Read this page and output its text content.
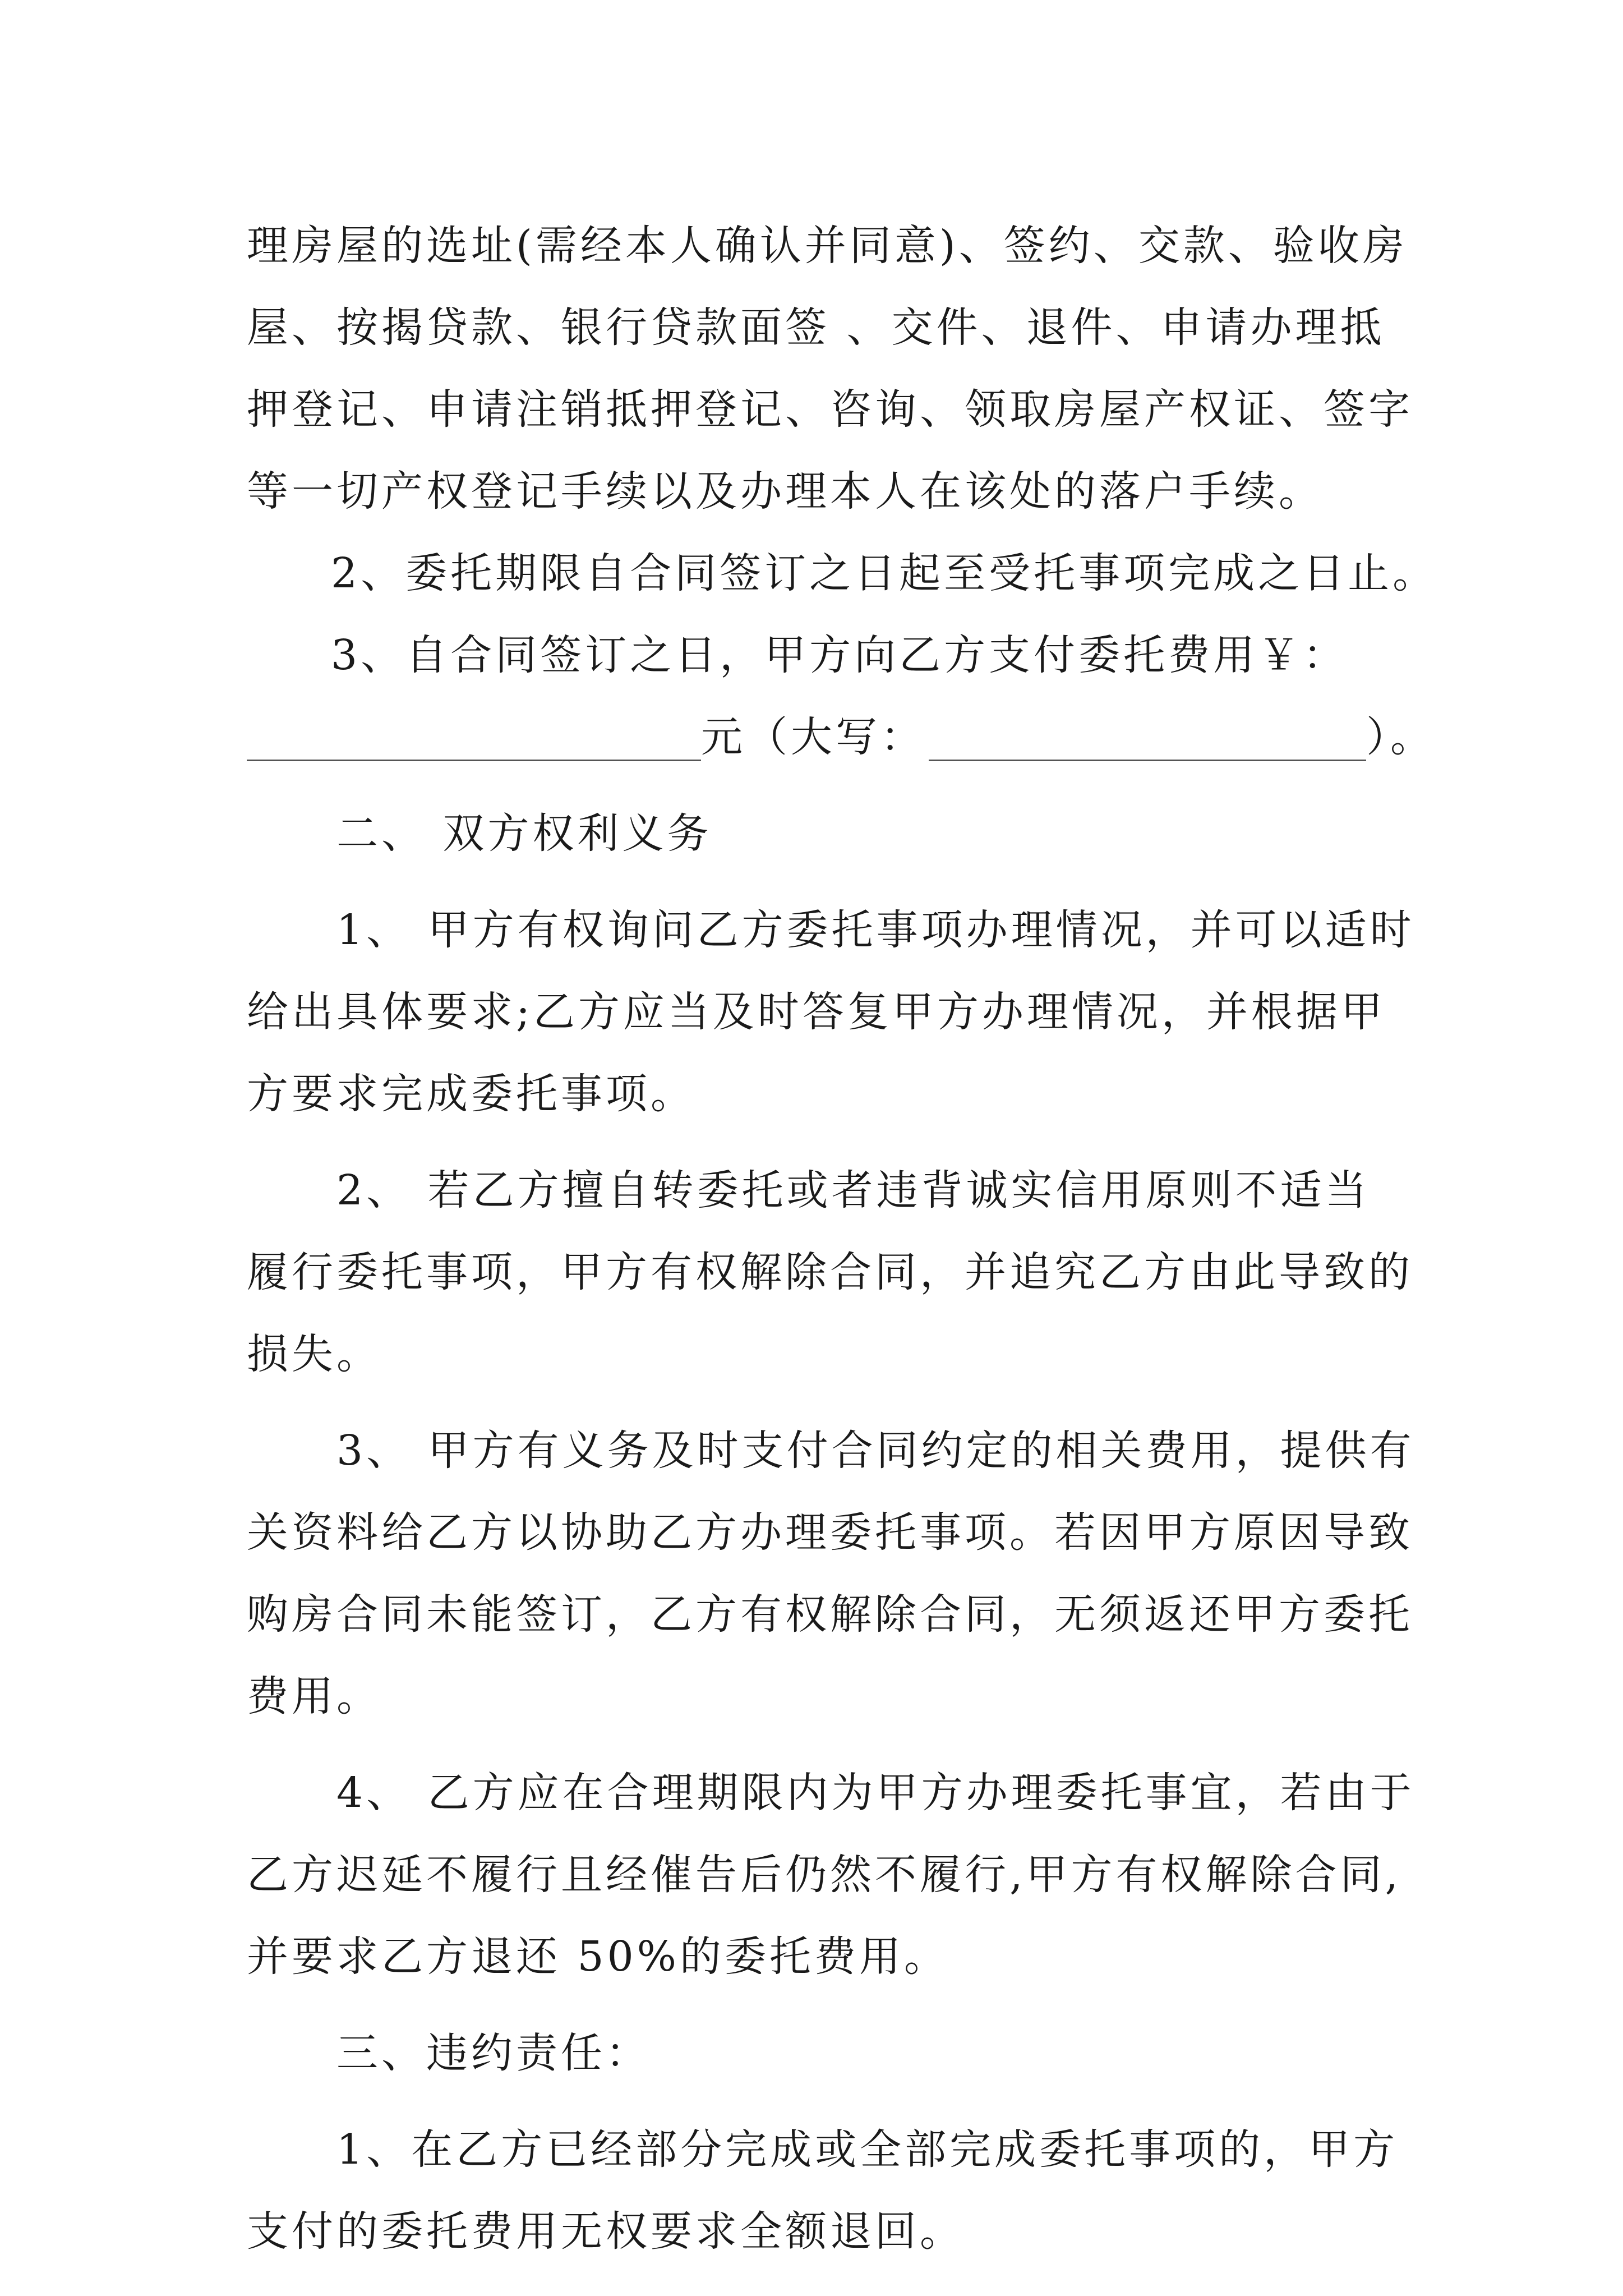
理房屋的选址(需经本人确认并同意)、签约、交款、验收房
屋、按揭贷款、银行贷款面签 、交件、退件、申请办理抵
押登记、申请注销抵押登记、咨询、领取房屋产权证、签字
等一切产权登记手续以及办理本人在该处的落户手续。
2、委托期限自合同签订之日起至受托事项完成之日止。
3、自合同签订之日，甲方向乙方支付委托费用￥：
元（大写：	）。
二、 双方权利义务
1、 甲方有权询问乙方委托事项办理情况，并可以适时
给出具体要求;乙方应当及时答复甲方办理情况，并根据甲
方要求完成委托事项。
2、 若乙方擅自转委托或者违背诚实信用原则不适当
履行委托事项，甲方有权解除合同，并追究乙方由此导致的
损失。
3、 甲方有义务及时支付合同约定的相关费用，提供有
关资料给乙方以协助乙方办理委托事项。若因甲方原因导致
购房合同未能签订，乙方有权解除合同，无须返还甲方委托
费用。
4、 乙方应在合理期限内为甲方办理委托事宜，若由于
乙方迟延不履行且经催告后仍然不履行,甲方有权解除合同,
并要求乙方退还 50%的委托费用。
三、违约责任：
1、在乙方已经部分完成或全部完成委托事项的，甲方
支付的委托费用无权要求全额退回。
